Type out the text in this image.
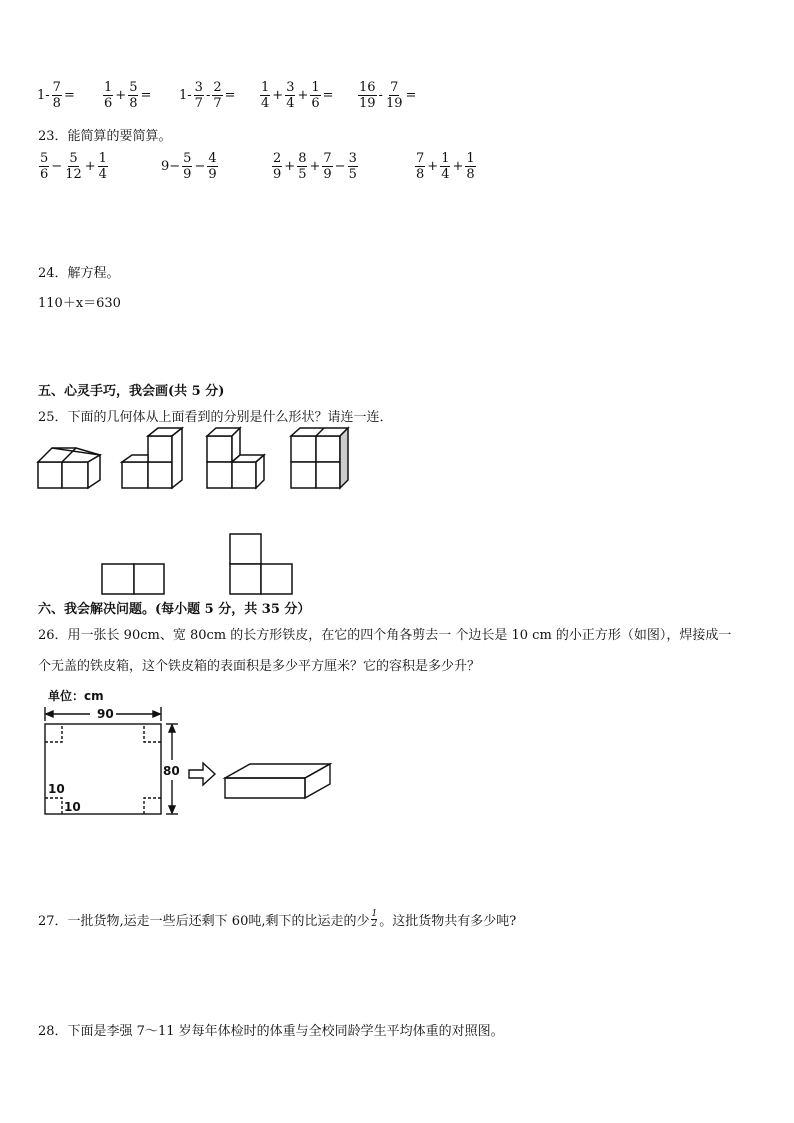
$1- \frac{7}{8} = \frac{1}{6} + \frac{5}{8} = 1- \frac{3}{7} - \frac{2}{7} = \frac{1}{4} + \frac{3}{4} + \frac{1}{6} = \frac{16}{19} - \frac{7}{19}$ =
23．能简算的要简算。
$\frac{5}{6} - \frac{5}{12} + \frac{1}{4}$	$9- \frac{5}{9} - \frac{4}{9}$	$\frac{2}{9} + \frac{8}{5} + \frac{7}{9} - \frac{3}{5}$	$\frac{7}{8} + \frac{1}{4} + \frac{1}{8}$
24．解方程。
110＋x＝630
五、心灵手巧，我会画(共 5 分)
25．下面的几何体从上面看到的分别是什么形状？请连一连．
六、我会解决问题。(每小题 5 分，共 35 分）
26．用一张长 90cm、宽 80cm 的长方形铁皮，在它的四个角各剪去一 个边长是 10 cm 的小正方形（如图），焊接成一
个无盖的铁皮箱，这个铁皮箱的表面积是多少平方厘米？它的容积是多少升？
单位：cm
90
80
10
10
27．一批货物,运走一些后还剩下 60吨,剩下的比运走的少 $\frac{1}{2}$ 。这批货物共有多少吨?
28．下面是李强 7～11 岁每年体检时的体重与全校同龄学生平均体重的对照图。
